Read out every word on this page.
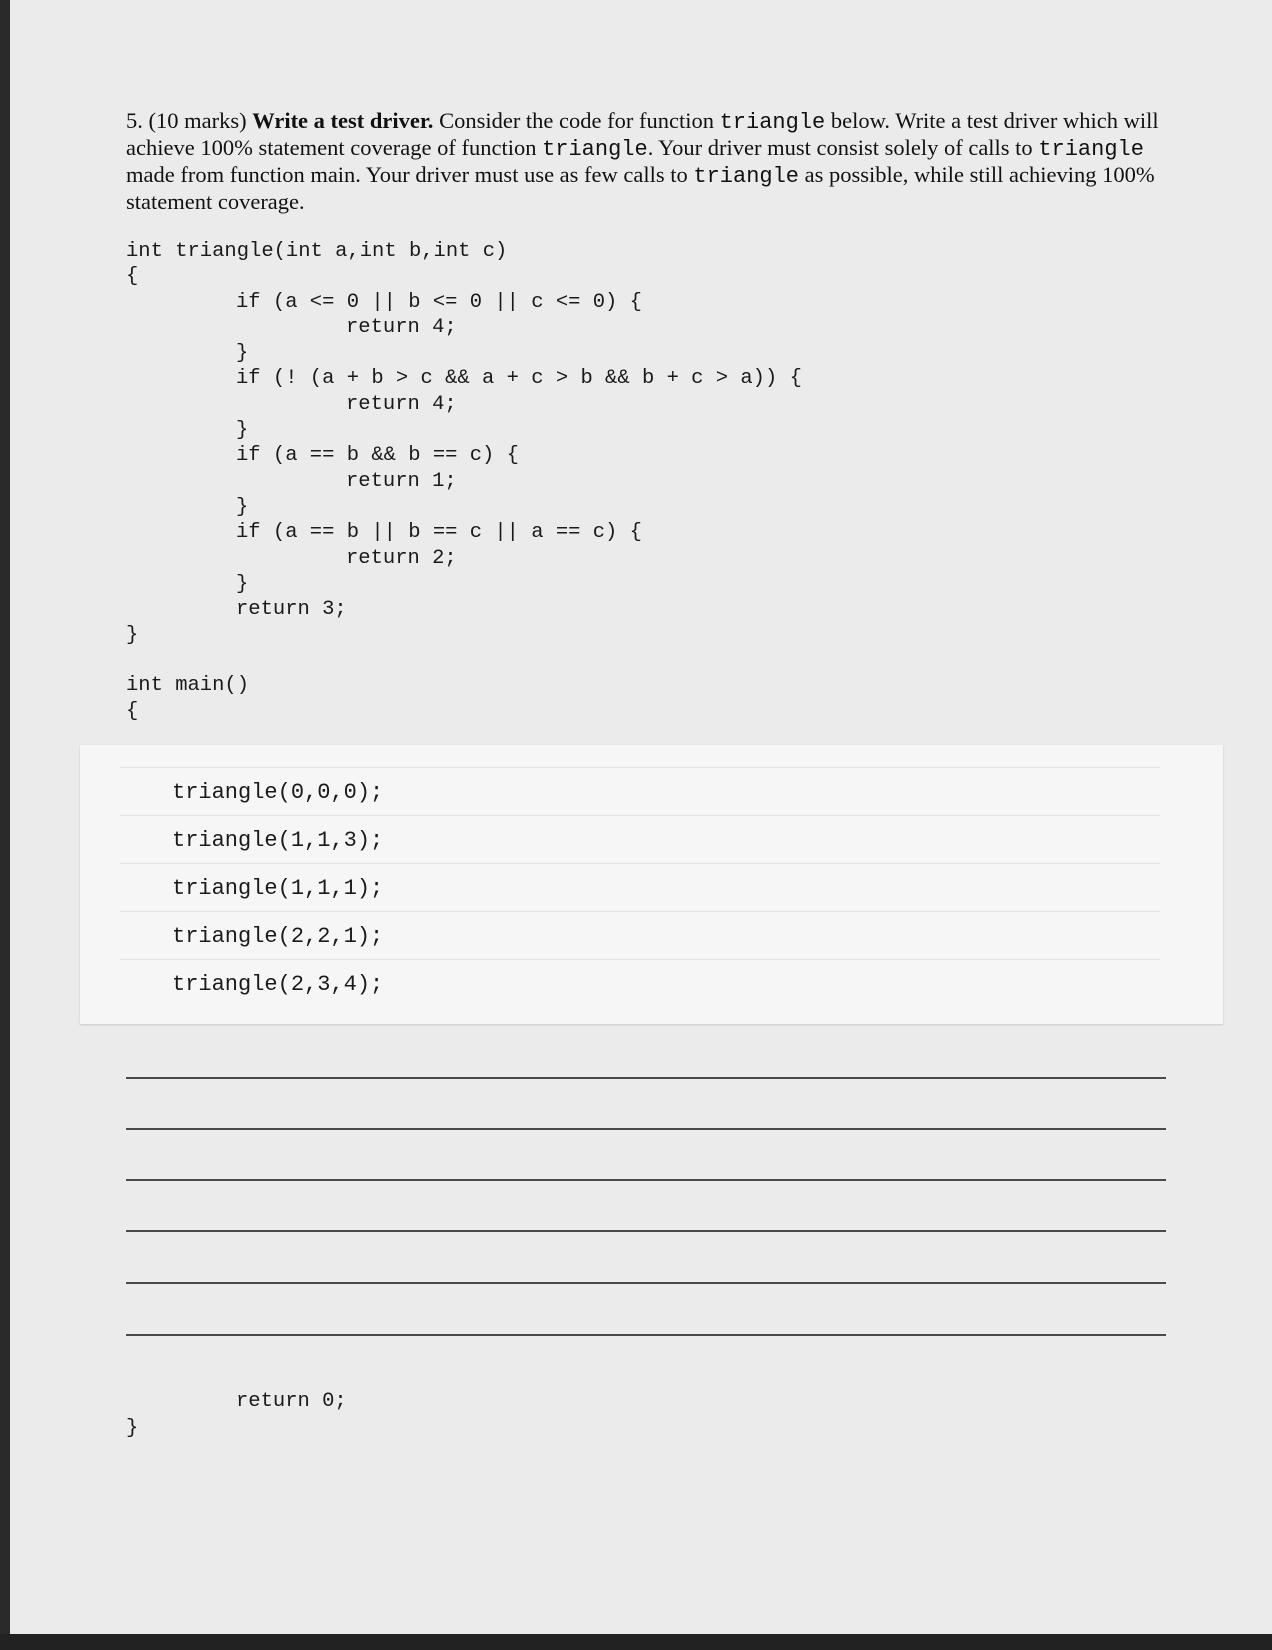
5. (10 marks) Write a test driver. Consider the code for function triangle below. Write a test driver which will achieve 100% statement coverage of function triangle. Your driver must consist solely of calls to triangle made from function main. Your driver must use as few calls to triangle as possible, while still achieving 100% statement coverage.
int triangle(int a,int b,int c)
{
if (a <= 0 || b <= 0 || c <= 0) {
return 4;
}
if (! (a + b > c && a + c > b && b + c > a)) {
return 4;
}
if (a == b && b == c) {
return 1;
}
if (a == b || b == c || a == c) {
return 2;
}
return 3;
}
int main()
{
triangle(0,0,0);
triangle(1,1,3);
triangle(1,1,1);
triangle(2,2,1);
triangle(2,3,4);
return 0;
}
